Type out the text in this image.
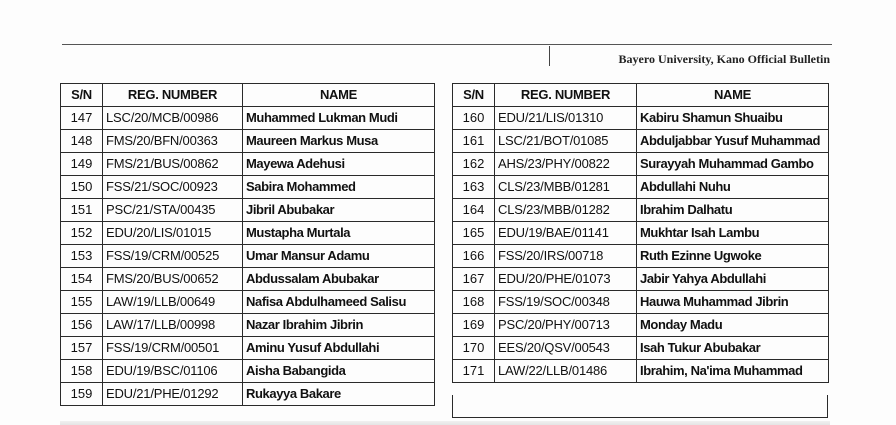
Bayero University, Kano Official Bulletin
S/N	REG. NUMBER	NAME
147	LSC/20/MCB/00986	Muhammed Lukman Mudi
148	FMS/20/BFN/00363	Maureen Markus Musa
149	FMS/21/BUS/00862	Mayewa Adehusi
150	FSS/21/SOC/00923	Sabira Mohammed
151	PSC/21/STA/00435	Jibril Abubakar
152	EDU/20/LIS/01015	Mustapha Murtala
153	FSS/19/CRM/00525	Umar Mansur Adamu
154	FMS/20/BUS/00652	Abdussalam Abubakar
155	LAW/19/LLB/00649	Nafisa Abdulhameed Salisu
156	LAW/17/LLB/00998	Nazar Ibrahim Jibrin
157	FSS/19/CRM/00501	Aminu Yusuf Abdullahi
158	EDU/19/BSC/01106	Aisha Babangida
159	EDU/21/PHE/01292	Rukayya Bakare
S/N	REG. NUMBER	NAME
160	EDU/21/LIS/01310	Kabiru Shamun Shuaibu
161	LSC/21/BOT/01085	Abduljabbar Yusuf Muhammad
162	AHS/23/PHY/00822	Surayyah Muhammad Gambo
163	CLS/23/MBB/01281	Abdullahi Nuhu
164	CLS/23/MBB/01282	Ibrahim Dalhatu
165	EDU/19/BAE/01141	Mukhtar Isah Lambu
166	FSS/20/IRS/00718	Ruth Ezinne Ugwoke
167	EDU/20/PHE/01073	Jabir Yahya Abdullahi
168	FSS/19/SOC/00348	Hauwa Muhammad Jibrin
169	PSC/20/PHY/00713	Monday Madu
170	EES/20/QSV/00543	Isah Tukur Abubakar
171	LAW/22/LLB/01486	Ibrahim, Na'ima Muhammad
